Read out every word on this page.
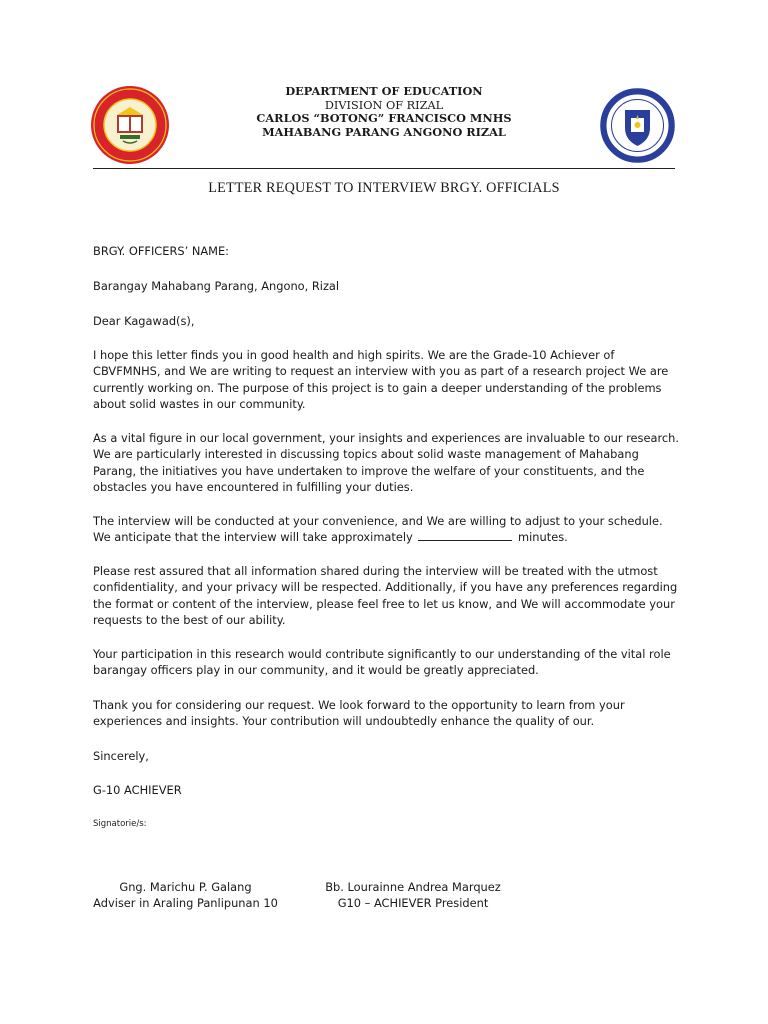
DEPARTMENT OF EDUCATION
DIVISION OF RIZAL
CARLOS “BOTONG” FRANCISCO MNHS
MAHABANG PARANG ANGONO RIZAL
LETTER REQUEST TO INTERVIEW BRGY. OFFICIALS
BRGY. OFFICERS’ NAME:
Barangay Mahabang Parang, Angono, Rizal
Dear Kagawad(s),
I hope this letter finds you in good health and high spirits. We are the Grade-10 Achiever of
CBVFMNHS, and We are writing to request an interview with you as part of a research project We are
currently working on. The purpose of this project is to gain a deeper understanding of the problems
about solid wastes in our community.
As a vital figure in our local government, your insights and experiences are invaluable to our research.
We are particularly interested in discussing topics about solid waste management of Mahabang
Parang, the initiatives you have undertaken to improve the welfare of your constituents, and the
obstacles you have encountered in fulfilling your duties.
The interview will be conducted at your convenience, and We are willing to adjust to your schedule.
We anticipate that the interview will take approximately	minutes.
Please rest assured that all information shared during the interview will be treated with the utmost
confidentiality, and your privacy will be respected. Additionally, if you have any preferences regarding
the format or content of the interview, please feel free to let us know, and We will accommodate your
requests to the best of our ability.
Your participation in this research would contribute significantly to our understanding of the vital role
barangay officers play in our community, and it would be greatly appreciated.
Thank you for considering our request. We look forward to the opportunity to learn from your
experiences and insights. Your contribution will undoubtedly enhance the quality of our.
Sincerely,
G-10 ACHIEVER
Signatorie/s:
Gng. Marichu P. Galang
Adviser in Araling Panlipunan 10
Bb. Lourainne Andrea Marquez
G10 – ACHIEVER President
